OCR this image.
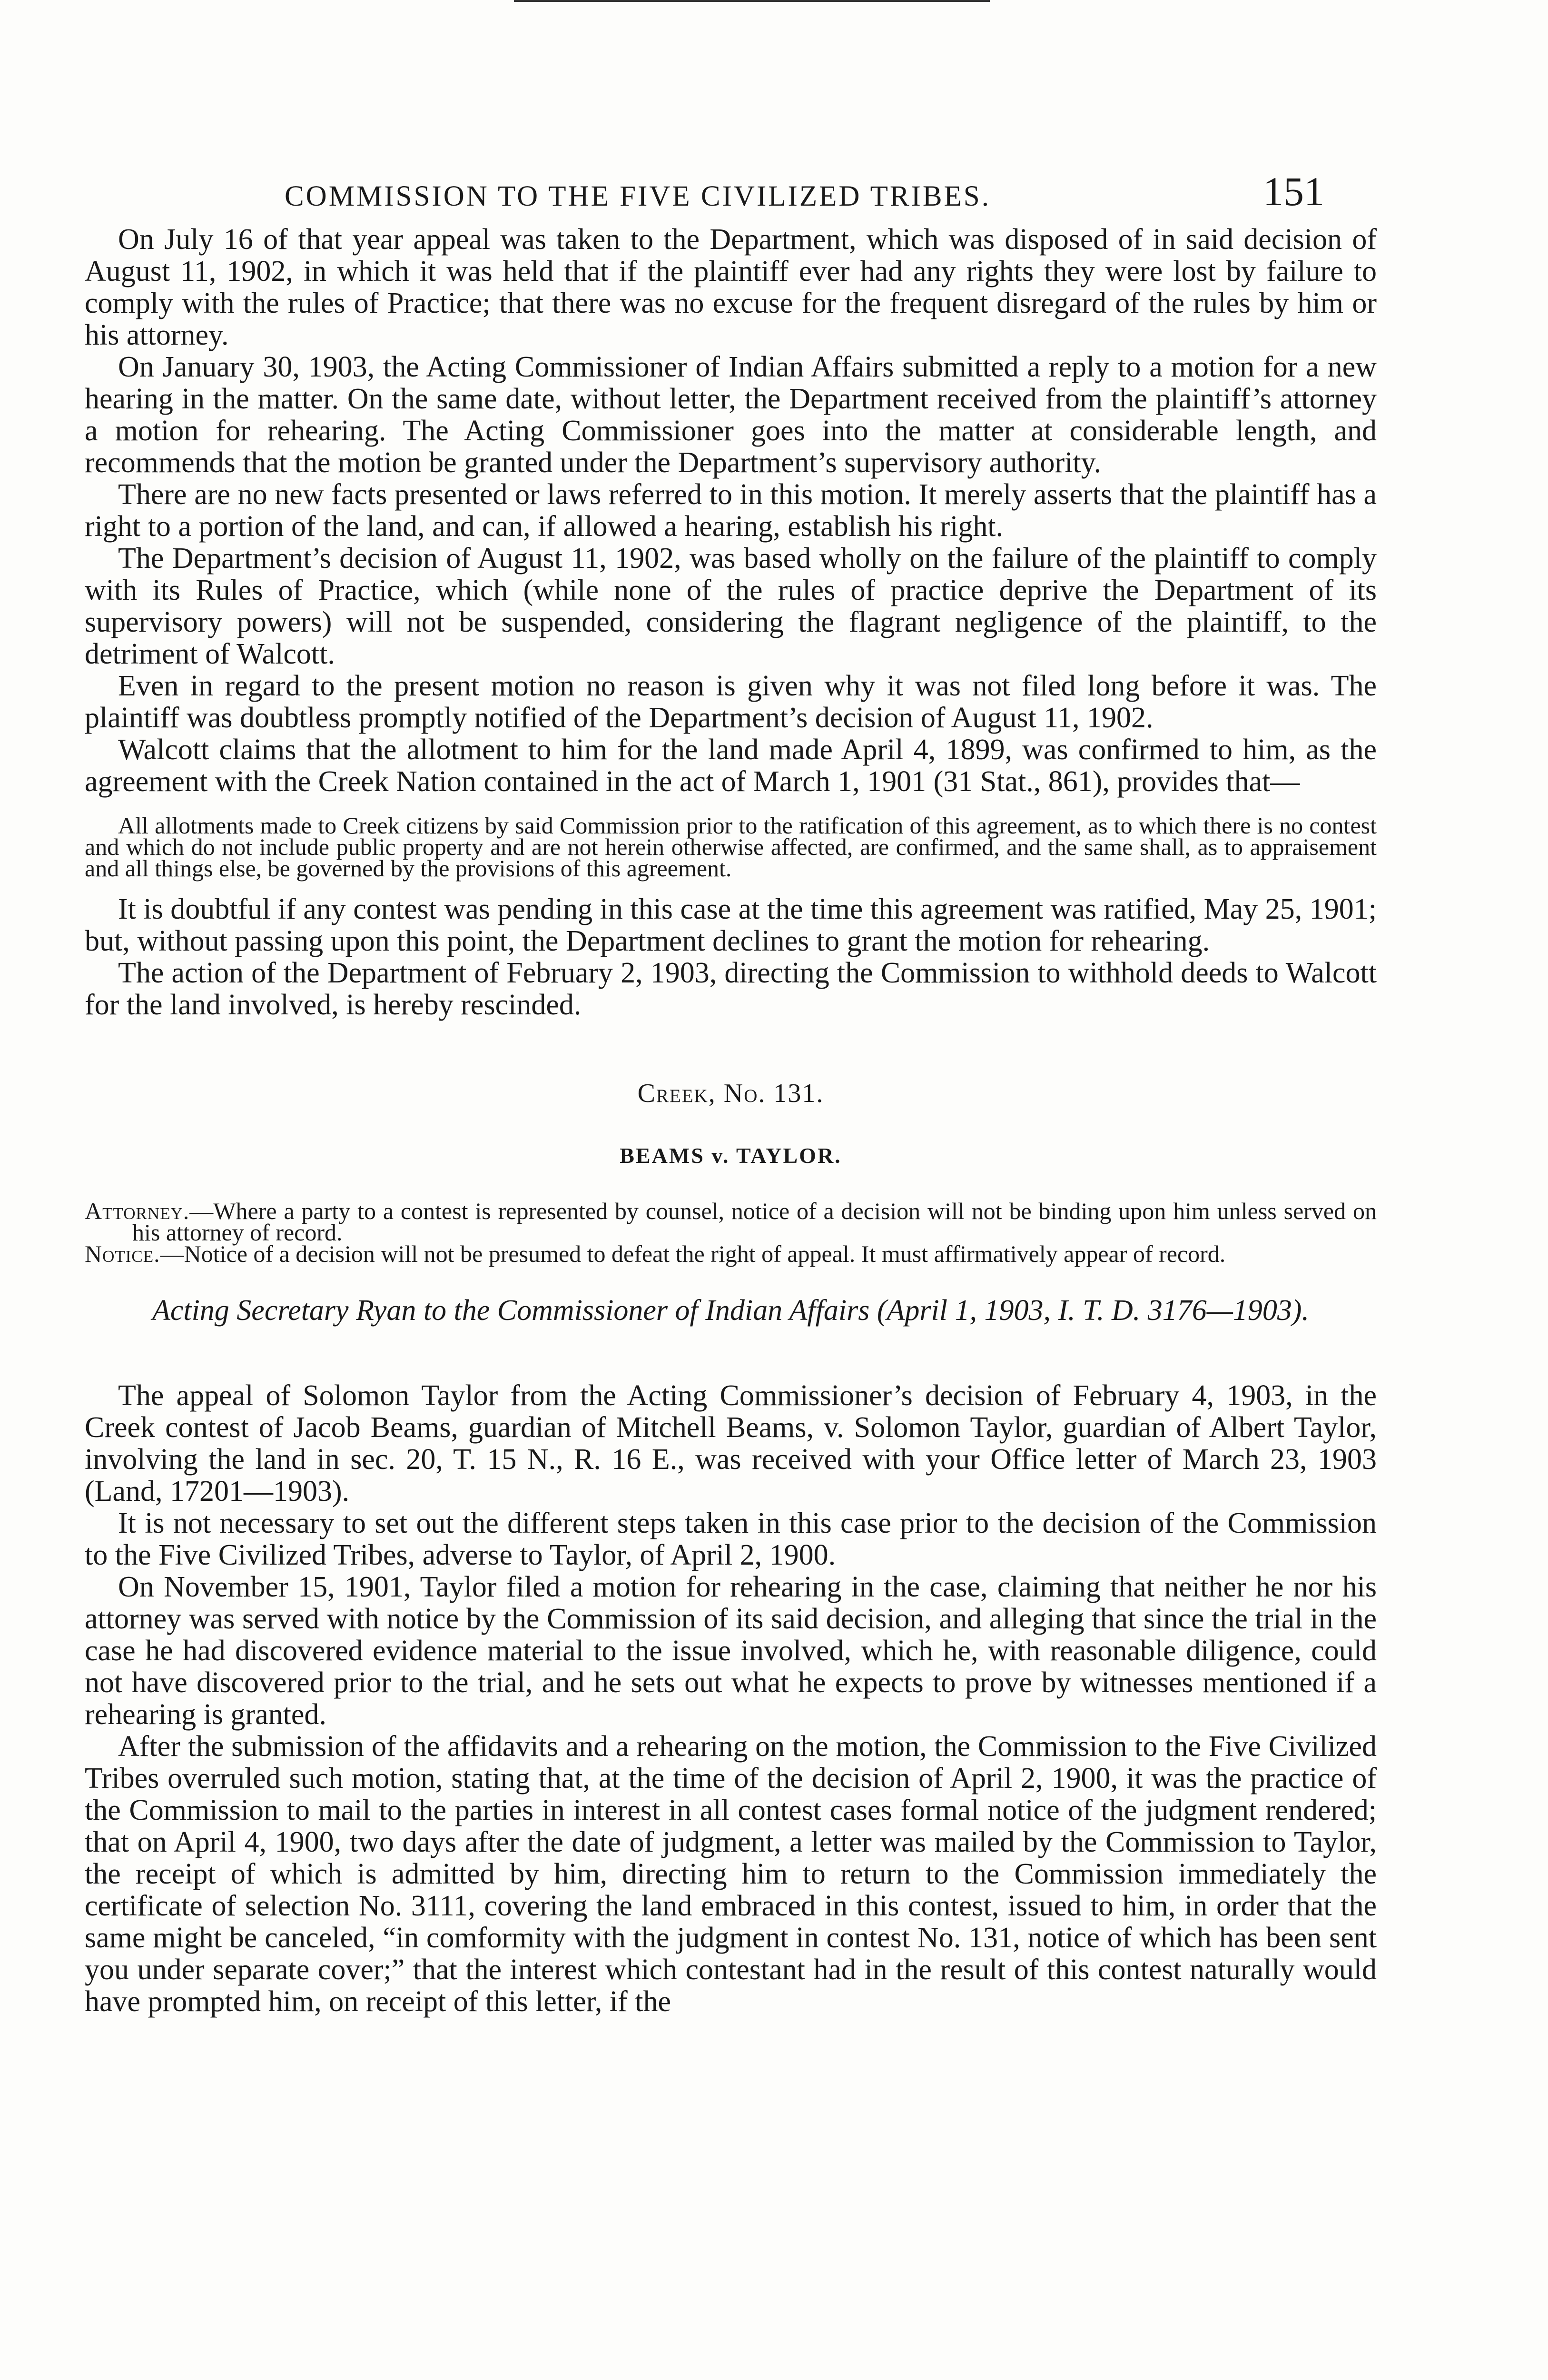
COMMISSION TO THE FIVE CIVILIZED TRIBES.	151

On July 16 of that year appeal was taken to the Department, which was disposed of in said decision of August 11, 1902, in which it was held that if the plaintiff ever had any rights they were lost by failure to comply with the rules of Practice; that there was no excuse for the frequent disregard of the rules by him or his attorney.

On January 30, 1903, the Acting Commissioner of Indian Affairs submitted a reply to a motion for a new hearing in the matter. On the same date, without letter, the Department received from the plaintiff’s attorney a motion for rehearing. The Acting Commissioner goes into the matter at considerable length, and recommends that the motion be granted under the Department’s supervisory authority.

There are no new facts presented or laws referred to in this motion. It merely asserts that the plaintiff has a right to a portion of the land, and can, if allowed a hearing, establish his right.

The Department’s decision of August 11, 1902, was based wholly on the failure of the plaintiff to comply with its Rules of Practice, which (while none of the rules of practice deprive the Department of its supervisory powers) will not be suspended, considering the flagrant negligence of the plaintiff, to the detriment of Walcott.

Even in regard to the present motion no reason is given why it was not filed long before it was. The plaintiff was doubtless promptly notified of the Department’s decision of August 11, 1902.

Walcott claims that the allotment to him for the land made April 4, 1899, was confirmed to him, as the agreement with the Creek Nation contained in the act of March 1, 1901 (31 Stat., 861), provides that—

All allotments made to Creek citizens by said Commission prior to the ratification of this agreement, as to which there is no contest and which do not include public property and are not herein otherwise affected, are confirmed, and the same shall, as to appraisement and all things else, be governed by the provisions of this agreement.

It is doubtful if any contest was pending in this case at the time this agreement was ratified, May 25, 1901; but, without passing upon this point, the Department declines to grant the motion for rehearing.

The action of the Department of February 2, 1903, directing the Commission to withhold deeds to Walcott for the land involved, is hereby rescinded.

Creek, No. 131.

BEAMS v. TAYLOR.

Attorney.—Where a party to a contest is represented by counsel, notice of a decision will not be binding upon him unless served on his attorney of record.

Notice.—Notice of a decision will not be presumed to defeat the right of appeal. It must affirmatively appear of record.

Acting Secretary Ryan to the Commissioner of Indian Affairs (April 1, 1903, I. T. D. 3176—1903).

The appeal of Solomon Taylor from the Acting Commissioner’s decision of February 4, 1903, in the Creek contest of Jacob Beams, guardian of Mitchell Beams, v. Solomon Taylor, guardian of Albert Taylor, involving the land in sec. 20, T. 15 N., R. 16 E., was received with your Office letter of March 23, 1903 (Land, 17201—1903).

It is not necessary to set out the different steps taken in this case prior to the decision of the Commission to the Five Civilized Tribes, adverse to Taylor, of April 2, 1900.

On November 15, 1901, Taylor filed a motion for rehearing in the case, claiming that neither he nor his attorney was served with notice by the Commission of its said decision, and alleging that since the trial in the case he had discovered evidence material to the issue involved, which he, with reasonable diligence, could not have discovered prior to the trial, and he sets out what he expects to prove by witnesses mentioned if a rehearing is granted.

After the submission of the affidavits and a rehearing on the motion, the Commission to the Five Civilized Tribes overruled such motion, stating that, at the time of the decision of April 2, 1900, it was the practice of the Commission to mail to the parties in interest in all contest cases formal notice of the judgment rendered; that on April 4, 1900, two days after the date of judgment, a letter was mailed by the Commission to Taylor, the receipt of which is admitted by him, directing him to return to the Commission immediately the certificate of selection No. 3111, covering the land embraced in this contest, issued to him, in order that the same might be canceled, “in comformity with the judgment in contest No. 131, notice of which has been sent you under separate cover;” that the interest which contestant had in the result of this contest naturally would have prompted him, on receipt of this letter, if the
